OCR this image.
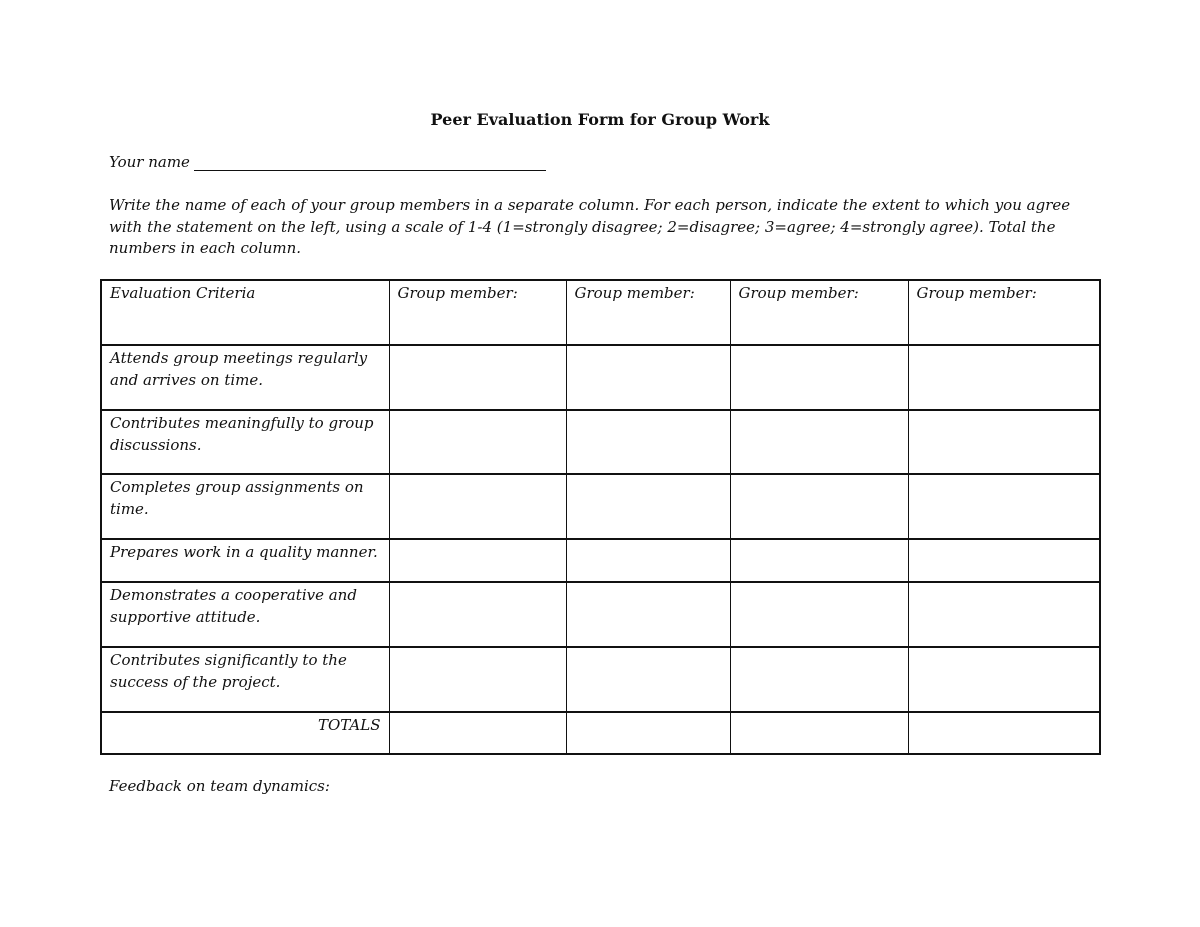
Peer Evaluation Form for Group Work
Your name
Write the name of each of your group members in a separate column. For each person, indicate the extent to which you agree with the statement on the left, using a scale of 1-4 (1=strongly disagree; 2=disagree; 3=agree; 4=strongly agree). Total the numbers in each column.
Evaluation Criteria	Group member:	Group member:	Group member:	Group member:
Attends group meetings regularly and arrives on time.				
Contributes meaningfully to group discussions.				
Completes group assignments on time.				
Prepares work in a quality manner.				
Demonstrates a cooperative and supportive attitude.				
Contributes significantly to the success of the project.				
TOTALS				
Feedback on team dynamics:
